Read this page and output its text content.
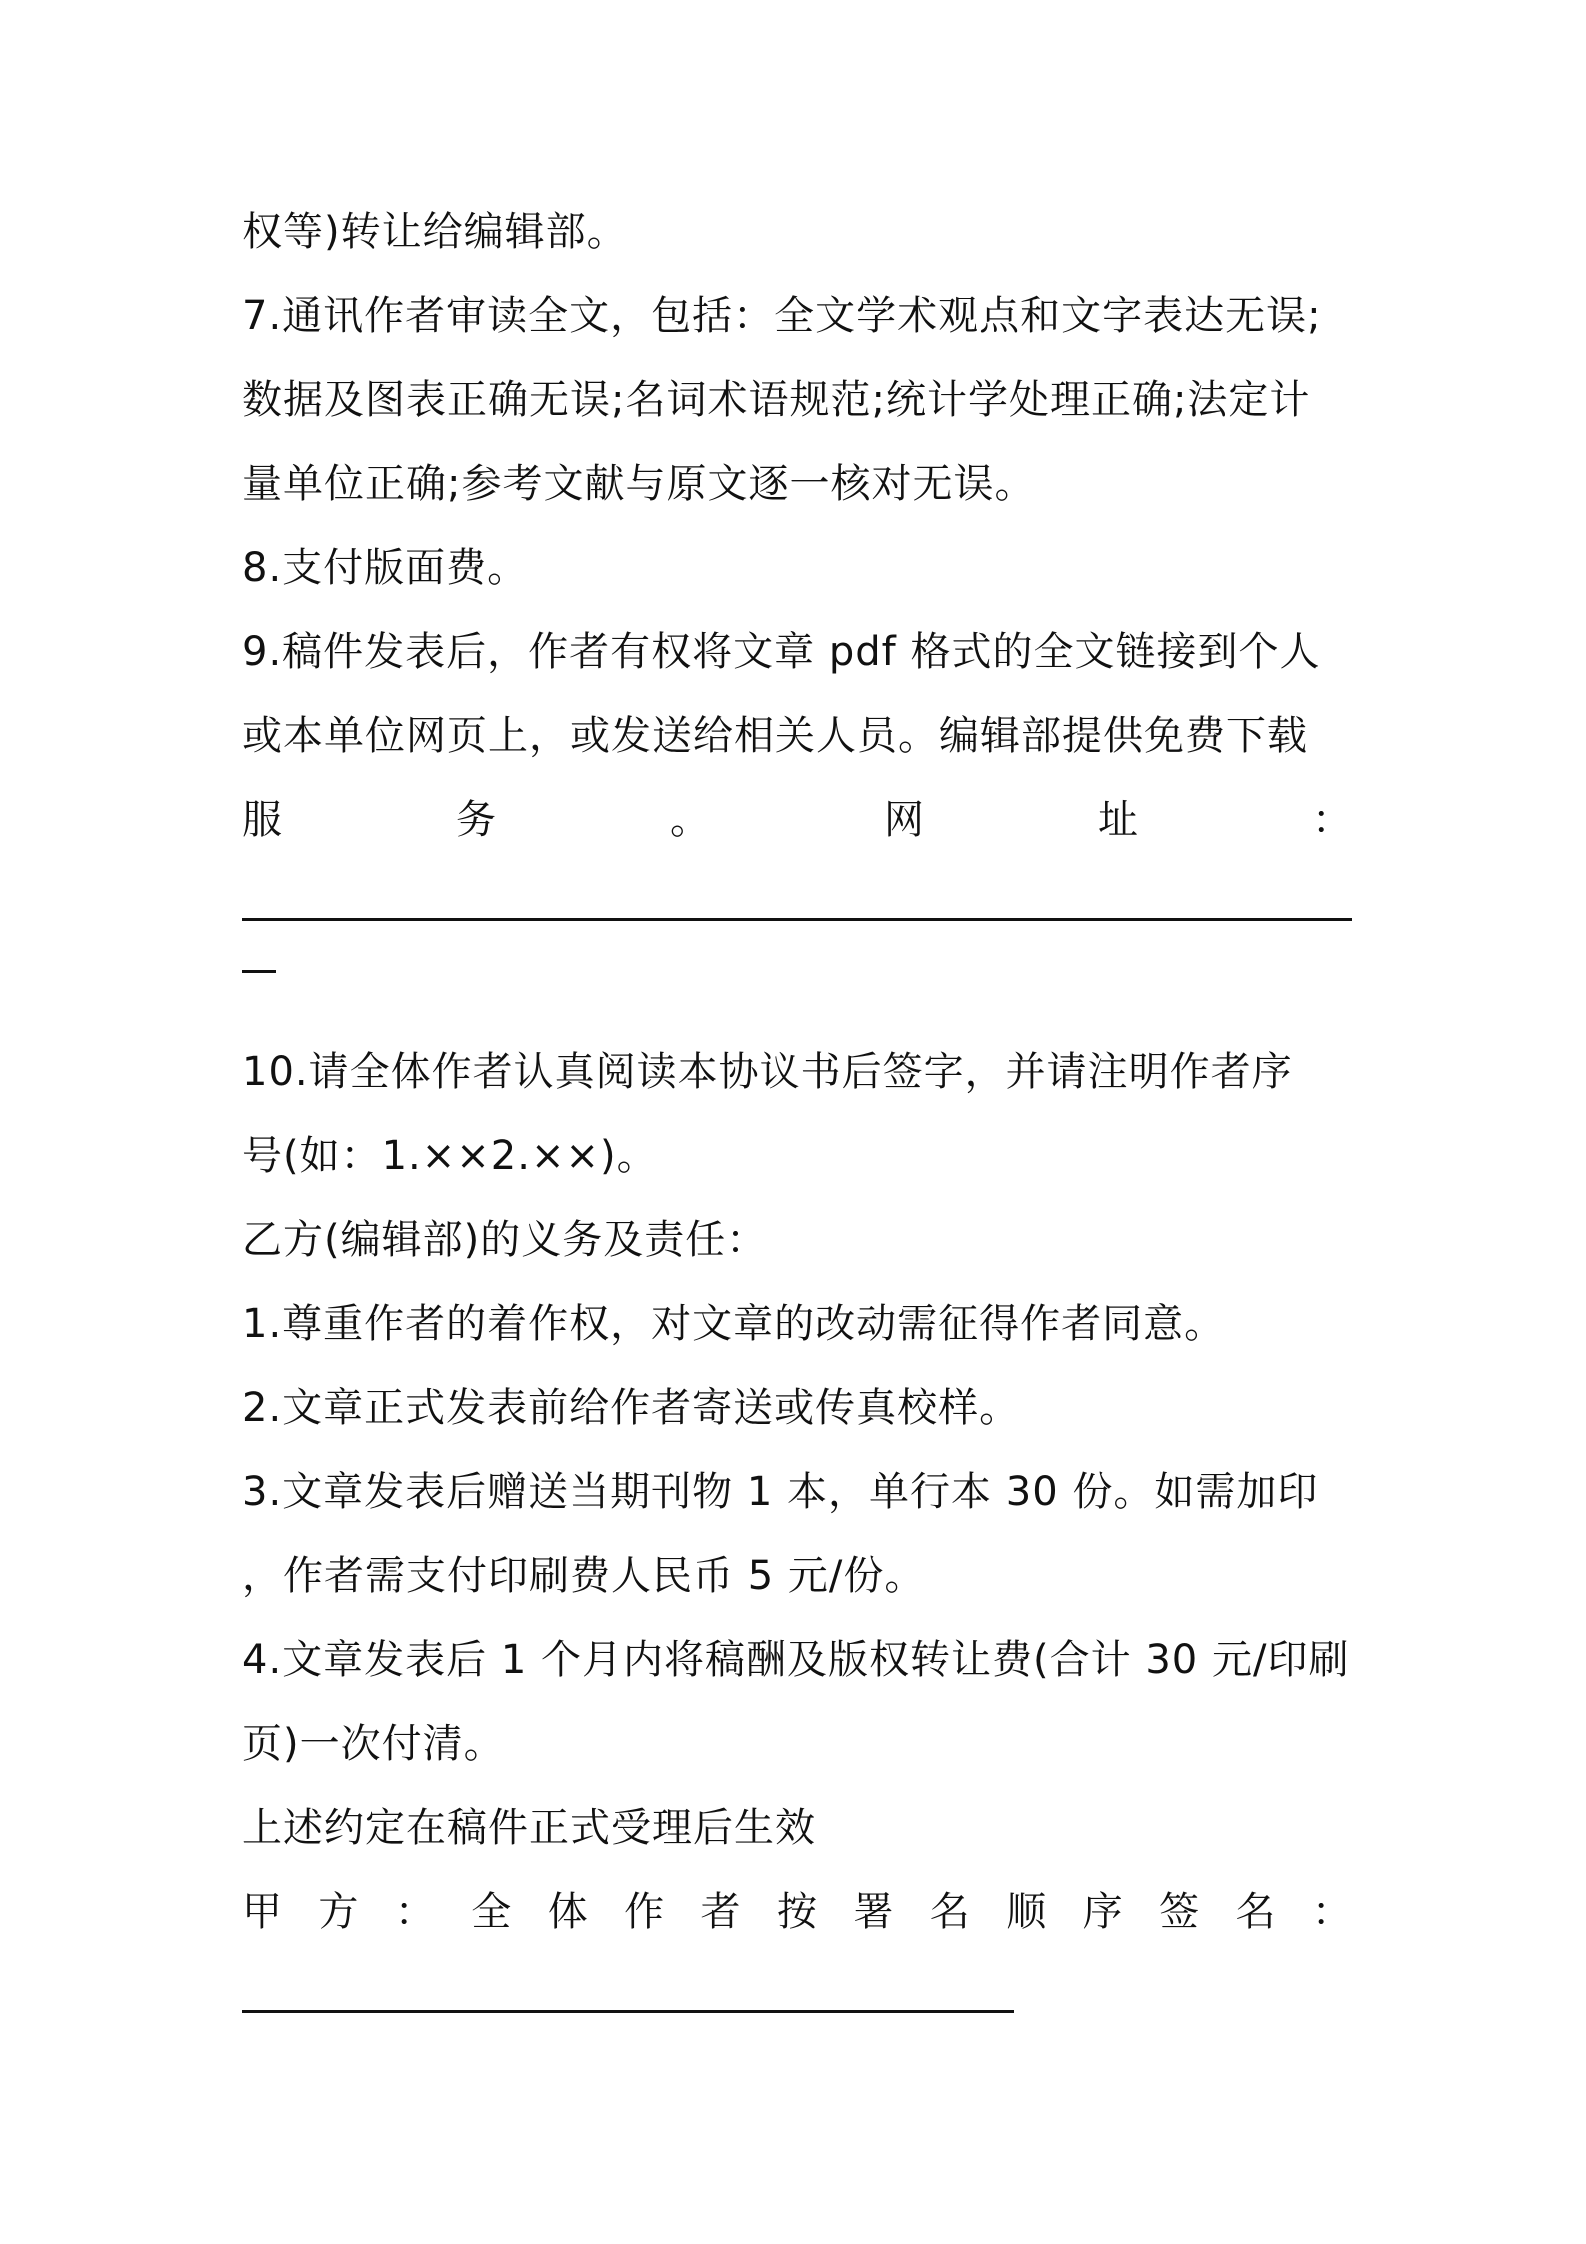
权等)转让给编辑部。
7.通讯作者审读全文，包括：全文学术观点和文字表达无误;
数据及图表正确无误;名词术语规范;统计学处理正确;法定计
量单位正确;参考文献与原文逐一核对无误。
8.支付版面费。
9.稿件发表后，作者有权将文章 pdf 格式的全文链接到个人
或本单位网页上，或发送给相关人员。编辑部提供免费下载
服	务	。	网	址	：
10.请全体作者认真阅读本协议书后签字，并请注明作者序
号(如：1.××2.××)。
乙方(编辑部)的义务及责任：
1.尊重作者的着作权，对文章的改动需征得作者同意。
2.文章正式发表前给作者寄送或传真校样。
3.文章发表后赠送当期刊物 1 本，单行本 30 份。如需加印
，作者需支付印刷费人民币 5 元/份。
4.文章发表后 1 个月内将稿酬及版权转让费(合计 30 元/印刷
页)一次付清。
上述约定在稿件正式受理后生效
甲 方 ： 全 体 作 者 按 署 名 顺 序 签 名 ：
